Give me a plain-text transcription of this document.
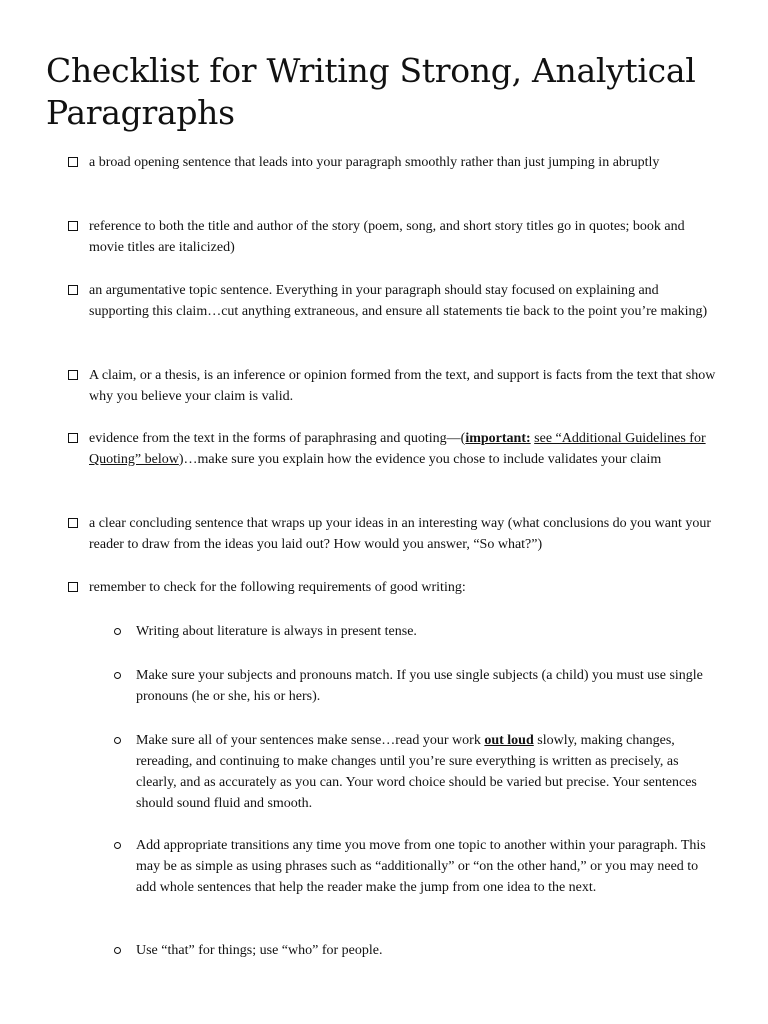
Checklist for Writing Strong, Analytical Paragraphs
a broad opening sentence that leads into your paragraph smoothly rather than just jumping in abruptly
reference to both the title and author of the story (poem, song, and short story titles go in quotes; book and movie titles are italicized)
an argumentative topic sentence. Everything in your paragraph should stay focused on explaining and supporting this claim…cut anything extraneous, and ensure all statements tie back to the point you’re making)
A claim, or a thesis, is an inference or opinion formed from the text, and support is facts from the text that show why you believe your claim is valid.
evidence from the text in the forms of paraphrasing and quoting—(important: see “Additional Guidelines for Quoting” below)…make sure you explain how the evidence you chose to include validates your claim
a clear concluding sentence that wraps up your ideas in an interesting way (what conclusions do you want your reader to draw from the ideas you laid out? How would you answer, “So what?”)
remember to check for the following requirements of good writing:
Writing about literature is always in present tense.
Make sure your subjects and pronouns match. If you use single subjects (a child) you must use single pronouns (he or she, his or hers).
Make sure all of your sentences make sense…read your work out loud slowly, making changes, rereading, and continuing to make changes until you’re sure everything is written as precisely, as clearly, and as accurately as you can. Your word choice should be varied but precise. Your sentences should sound fluid and smooth.
Add appropriate transitions any time you move from one topic to another within your paragraph. This may be as simple as using phrases such as “additionally” or “on the other hand,” or you may need to add whole sentences that help the reader make the jump from one idea to the next.
Use “that” for things; use “who” for people.
